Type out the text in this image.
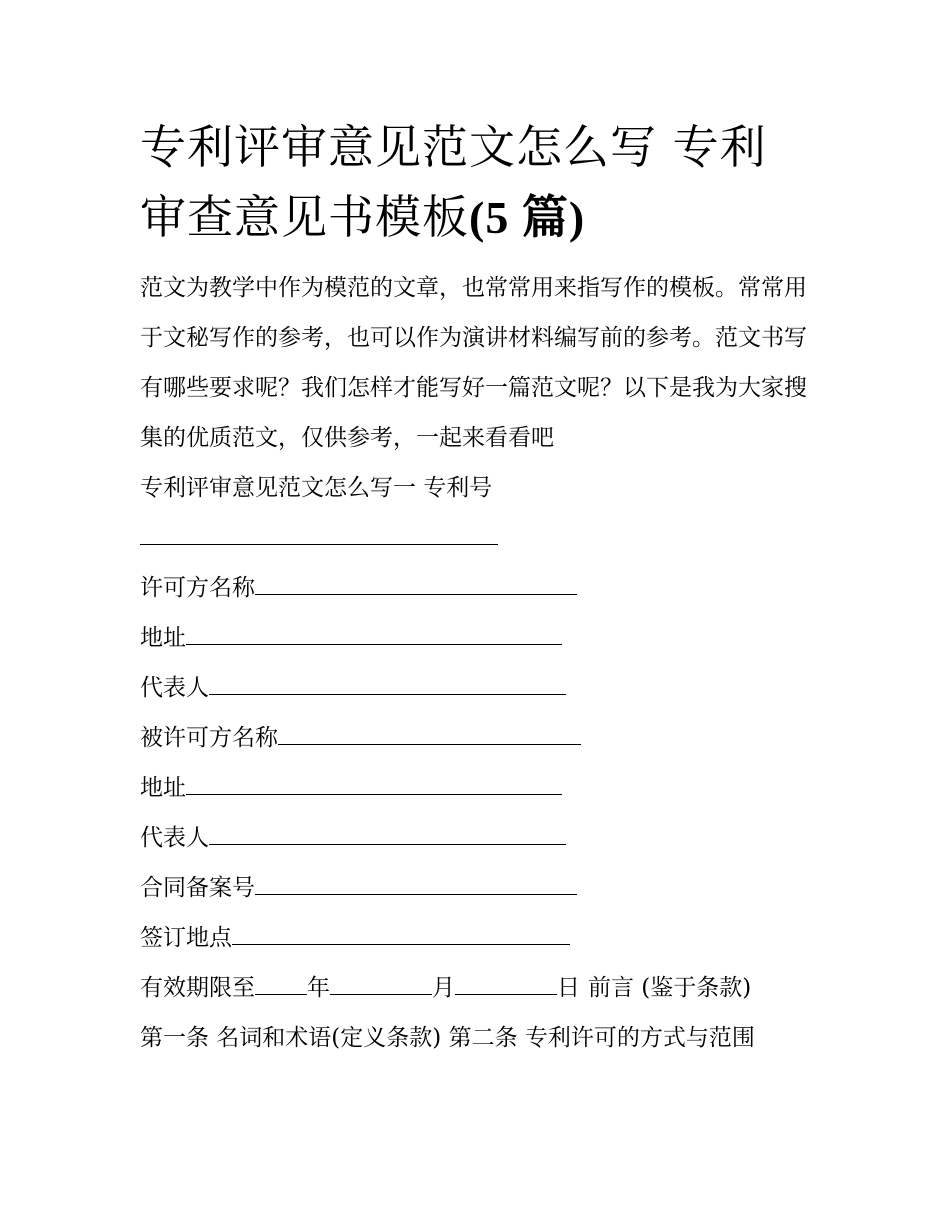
专利评审意见范文怎么写 专利
审查意见书模板(5 篇)

范文为教学中作为模范的文章，也常常用来指写作的模板。常常用于文秘写作的参考，也可以作为演讲材料编写前的参考。范文书写有哪些要求呢？我们怎样才能写好一篇范文呢？以下是我为大家搜集的优质范文，仅供参考，一起来看看吧

专利评审意见范文怎么写一 专利号
许可方名称
地址
代表人
被许可方名称
地址
代表人
合同备案号
签订地点
有效期限至 年	月	日 前言 (鉴于条款)
第一条 名词和术语(定义条款) 第二条 专利许可的方式与范围
